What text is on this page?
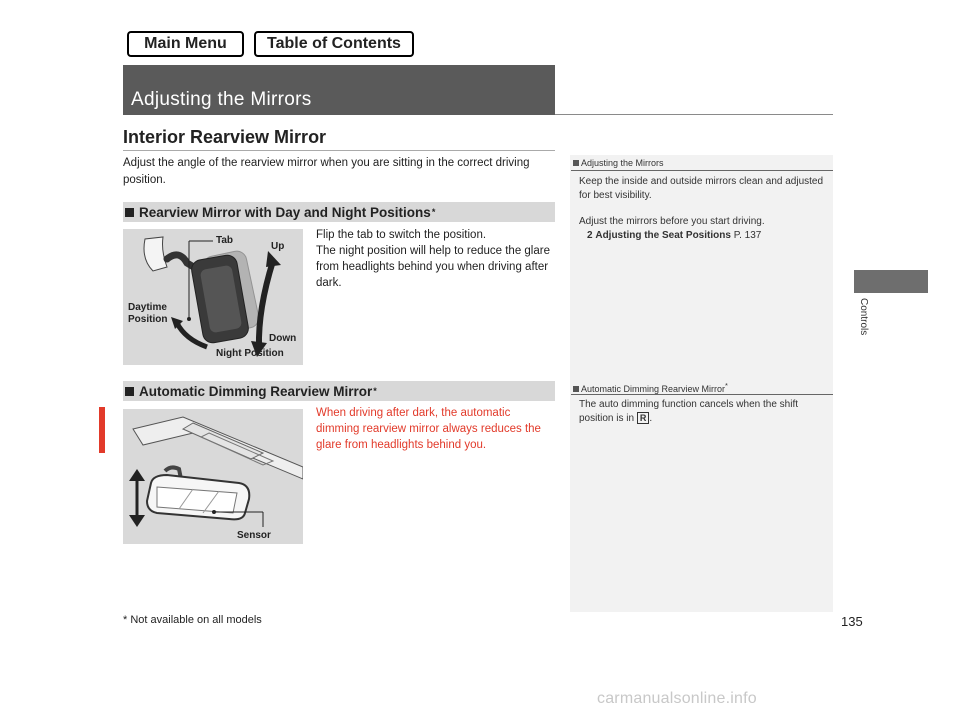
Main Menu	Table of Contents
Adjusting the Mirrors
Interior Rearview Mirror
Adjust the angle of the rearview mirror when you are sitting in the correct driving position.
Rearview Mirror with Day and Night Positions *
Tab
Up
Daytime
Position
Down
Night Position
Flip the tab to switch the position.
The night position will help to reduce the glare from headlights behind you when driving after dark.
Automatic Dimming Rearview Mirror *
Sensor
When driving after dark, the automatic dimming rearview mirror always reduces the glare from headlights behind you.
Adjusting the Mirrors
Keep the inside and outside mirrors clean and adjusted for best visibility.
Adjust the mirrors before you start driving.
2 Adjusting the Seat Positions P. 137
Automatic Dimming Rearview Mirror*
The auto dimming function cancels when the shift position is in R .
Controls
* Not available on all models	135
carmanualsonline.info
